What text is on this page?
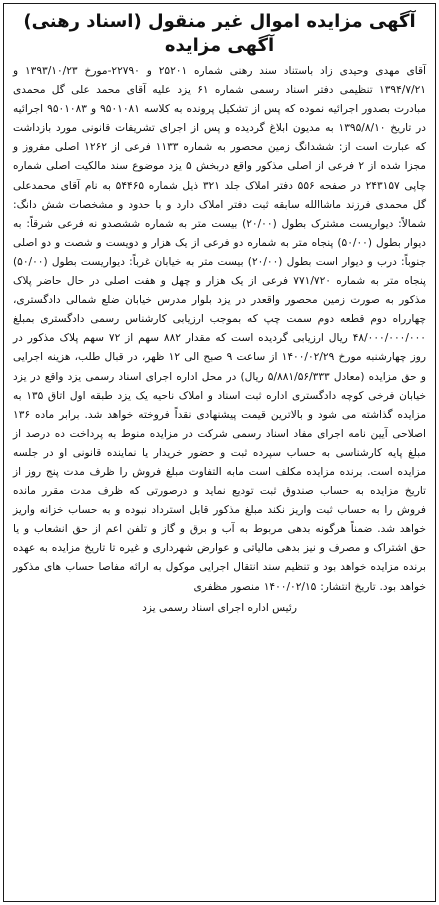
آگهی مزایده اموال غیر منقول (اسناد رهنی)
آگهی مزایده

آقای مهدی وحیدی زاد باستناد سند رهنی شماره ۲۵۲۰۱ و ۲۲۷۹۰-مورخ ۱۳۹۳/۱۰/۲۳ و ۱۳۹۴/۷/۲۱ تنظیمی دفتر اسناد رسمی شماره ۶۱ یزد علیه آقای محمد علی گل محمدی مبادرت بصدور اجرائیه نموده که پس از تشکیل پرونده به کلاسه ۹۵۰۱۰۸۱ و ۹۵۰۱۰۸۳ اجرائیه در تاریخ ۱۳۹۵/۸/۱۰ به مدیون ابلاغ گردیده و پس از اجرای تشریفات قانونی مورد بازداشت که عبارت است از: ششدانگ زمین محصور به شماره ۱۱۳۳ فرعی از ۱۲۶۲ اصلی مفروز و مجزا شده از ۲ فرعی از اصلی مذکور واقع دربخش ۵ یزد موضوع سند مالکیت اصلی شماره چاپی ۲۴۳۱۵۷ در صفحه ۵۵۶ دفتر املاک جلد ۳۲۱ ذیل شماره ۵۴۴۶۵ به نام آقای محمدعلی گل محمدی فرزند ماشاالله سابقه ثبت دفتر املاک دارد و با حدود و مشخصات شش دانگ: شمالاً: دیواریست مشترک بطول (۲۰/۰۰) بیست متر به شماره ششصدو نه فرعی شرقاً: به دیوار بطول (۵۰/۰۰) پنجاه متر به شماره دو فرعی از یک هزار و دویست و شصت و دو اصلی جنوباً: درب و دیوار است بطول (۲۰/۰۰) بیست متر به خیابان غرباً: دیواریست بطول (۵۰/۰۰) پنجاه متر به شماره ۷۷۱/۷۲۰ فرعی از یک هزار و چهل و هفت اصلی در حال حاضر پلاک مذکور به صورت زمین محصور واقعدر در یزد بلوار مدرس خیابان ضلع شمالی دادگستری، چهارراه دوم قطعه دوم سمت چپ که بموجب ارزیابی کارشناس رسمی دادگستری بمبلغ ۴۸/۰۰۰/۰۰۰/۰۰۰ ریال ارزیابی گردیده است که مقدار ۸۸۲ سهم از ۷۲ سهم پلاک مذکور در روز چهارشنبه مورخ ۱۴۰۰/۰۲/۲۹ از ساعت ۹ صبح الی ۱۲ ظهر، در قبال طلب، هزینه اجرایی و حق مزایده (معادل ۵/۸۸۱/۵۶/۳۳۳ ریال) در محل اداره اجرای اسناد رسمی یزد واقع در یزد خیابان فرخی کوچه دادگستری اداره ثبت اسناد و املاک ناحیه یک یزد طبقه اول اتاق ۱۳۵ به مزایده گذاشته می شود و بالاترین قیمت پیشنهادی نقداً فروخته خواهد شد. برابر ماده ۱۳۶ اصلاحی آیین نامه اجرای مفاد اسناد رسمی شرکت در مزایده منوط به پرداخت ده درصد از مبلغ پایه کارشناسی به حساب سپرده ثبت و حضور خریدار یا نماینده قانونی او در جلسه مزایده است. برنده مزایده مکلف است مابه التفاوت مبلغ فروش را ظرف مدت پنج روز از تاریخ مزایده به حساب صندوق ثبت تودیع نماید و درصورتی که ظرف مدت مقرر مانده فروش را به حساب ثبت واریز نکند مبلغ مذکور قابل استرداد نبوده و به حساب خزانه واریز خواهد شد. ضمناً هرگونه بدهی مربوط به آب و برق و گاز و تلفن اعم از حق انشعاب و یا حق اشتراک و مصرف و نیز بدهی مالیاتی و عوارض شهرداری و غیره تا تاریخ مزایده به عهده برنده مزایده خواهد بود و تنظیم سند انتقال اجرایی موکول به ارائه مفاصا حساب های مذکور خواهد بود. تاریخ انتشار: ۱۴۰۰/۰۲/۱۵ منصور مظفری

رئیس اداره اجرای اسناد رسمی یزد
